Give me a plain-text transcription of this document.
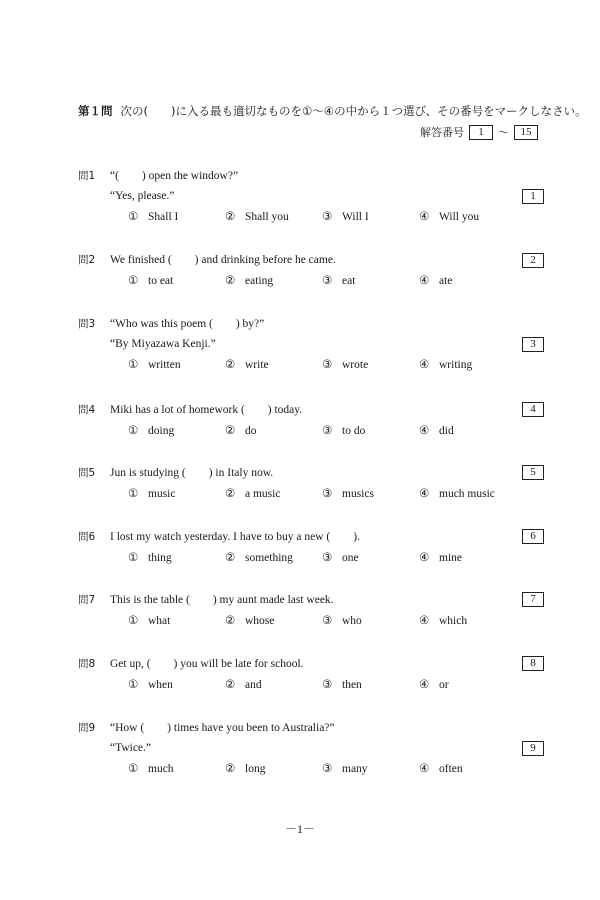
第１問 次の(　　)に入る最も適切なものを①～④の中から１つ選び、その番号をマークしなさい。
解答番号	1	～	15
問1	“(　　) open the window?”
“Yes, please.”	1
① Shall I	② Shall you	③ Will I	④ Will you
問2	We finished (　　) and drinking before he came.	2
① to eat	② eating	③ eat	④ ate
問3	“Who was this poem (　　) by?”
“By Miyazawa Kenji.”	3
① written	② write	③ wrote	④ writing
問4	Miki has a lot of homework (　　) today.	4
① doing	② do	③ to do	④ did
問5	Jun is studying (　　) in Italy now.	5
① music	② a music	③ musics	④ much music
問6	I lost my watch yesterday. I have to buy a new (　　).	6
① thing	② something	③ one	④ mine
問7	This is the table (　　) my aunt made last week.	7
① what	② whose	③ who	④ which
問8	Get up, (　　) you will be late for school.	8
① when	② and	③ then	④ or
問9	“How (　　) times have you been to Australia?”
“Twice.”	9
① much	② long	③ many	④ often
－1－
